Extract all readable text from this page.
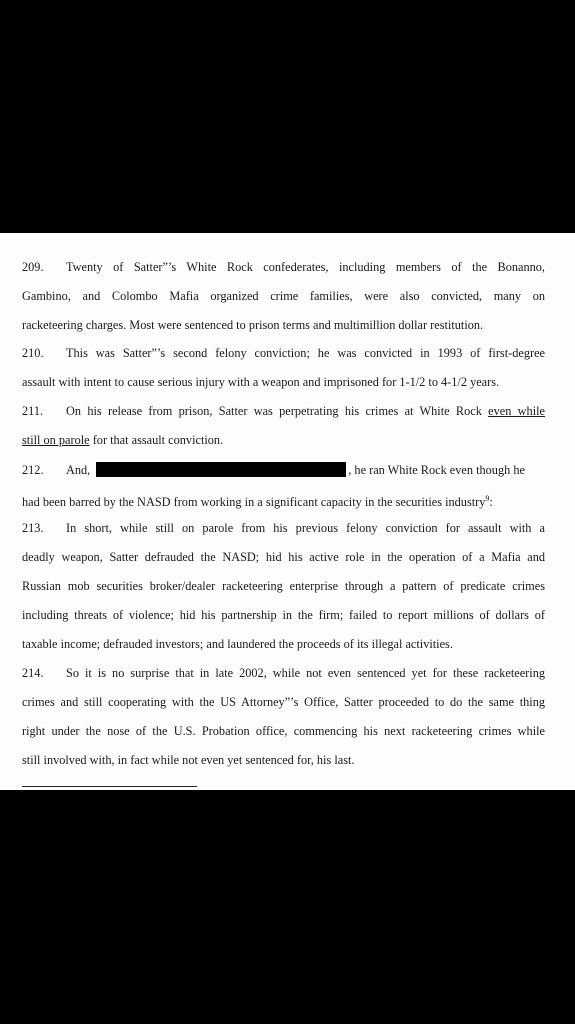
209. Twenty of Satter”’s White Rock confederates, including members of the Bonanno,
Gambino, and Colombo Mafia organized crime families, were also convicted, many on
racketeering charges. Most were sentenced to prison terms and multimillion dollar restitution.
210. This was Satter”’s second felony conviction; he was convicted in 1993 of first-degree
assault with intent to cause serious injury with a weapon and imprisoned for 1-1/2 to 4-1/2 years.
211. On his release from prison, Satter was perpetrating his crimes at White Rock even while
still on parole for that assault conviction.
212. And,	, he ran White Rock even though he
had been barred by the NASD from working in a significant capacity in the securities industry$^9$:
213. In short, while still on parole from his previous felony conviction for assault with a
deadly weapon, Satter defrauded the NASD; hid his active role in the operation of a Mafia and
Russian mob securities broker/dealer racketeering enterprise through a pattern of predicate crimes
including threats of violence; hid his partnership in the firm; failed to report millions of dollars of
taxable income; defrauded investors; and laundered the proceeds of its illegal activities.
214. So it is no surprise that in late 2002, while not even sentenced yet for these racketeering
crimes and still cooperating with the US Attorney”’s Office, Satter proceeded to do the same thing
right under the nose of the U.S. Probation office, commencing his next racketeering crimes while
still involved with, in fact while not even yet sentenced for, his last.
